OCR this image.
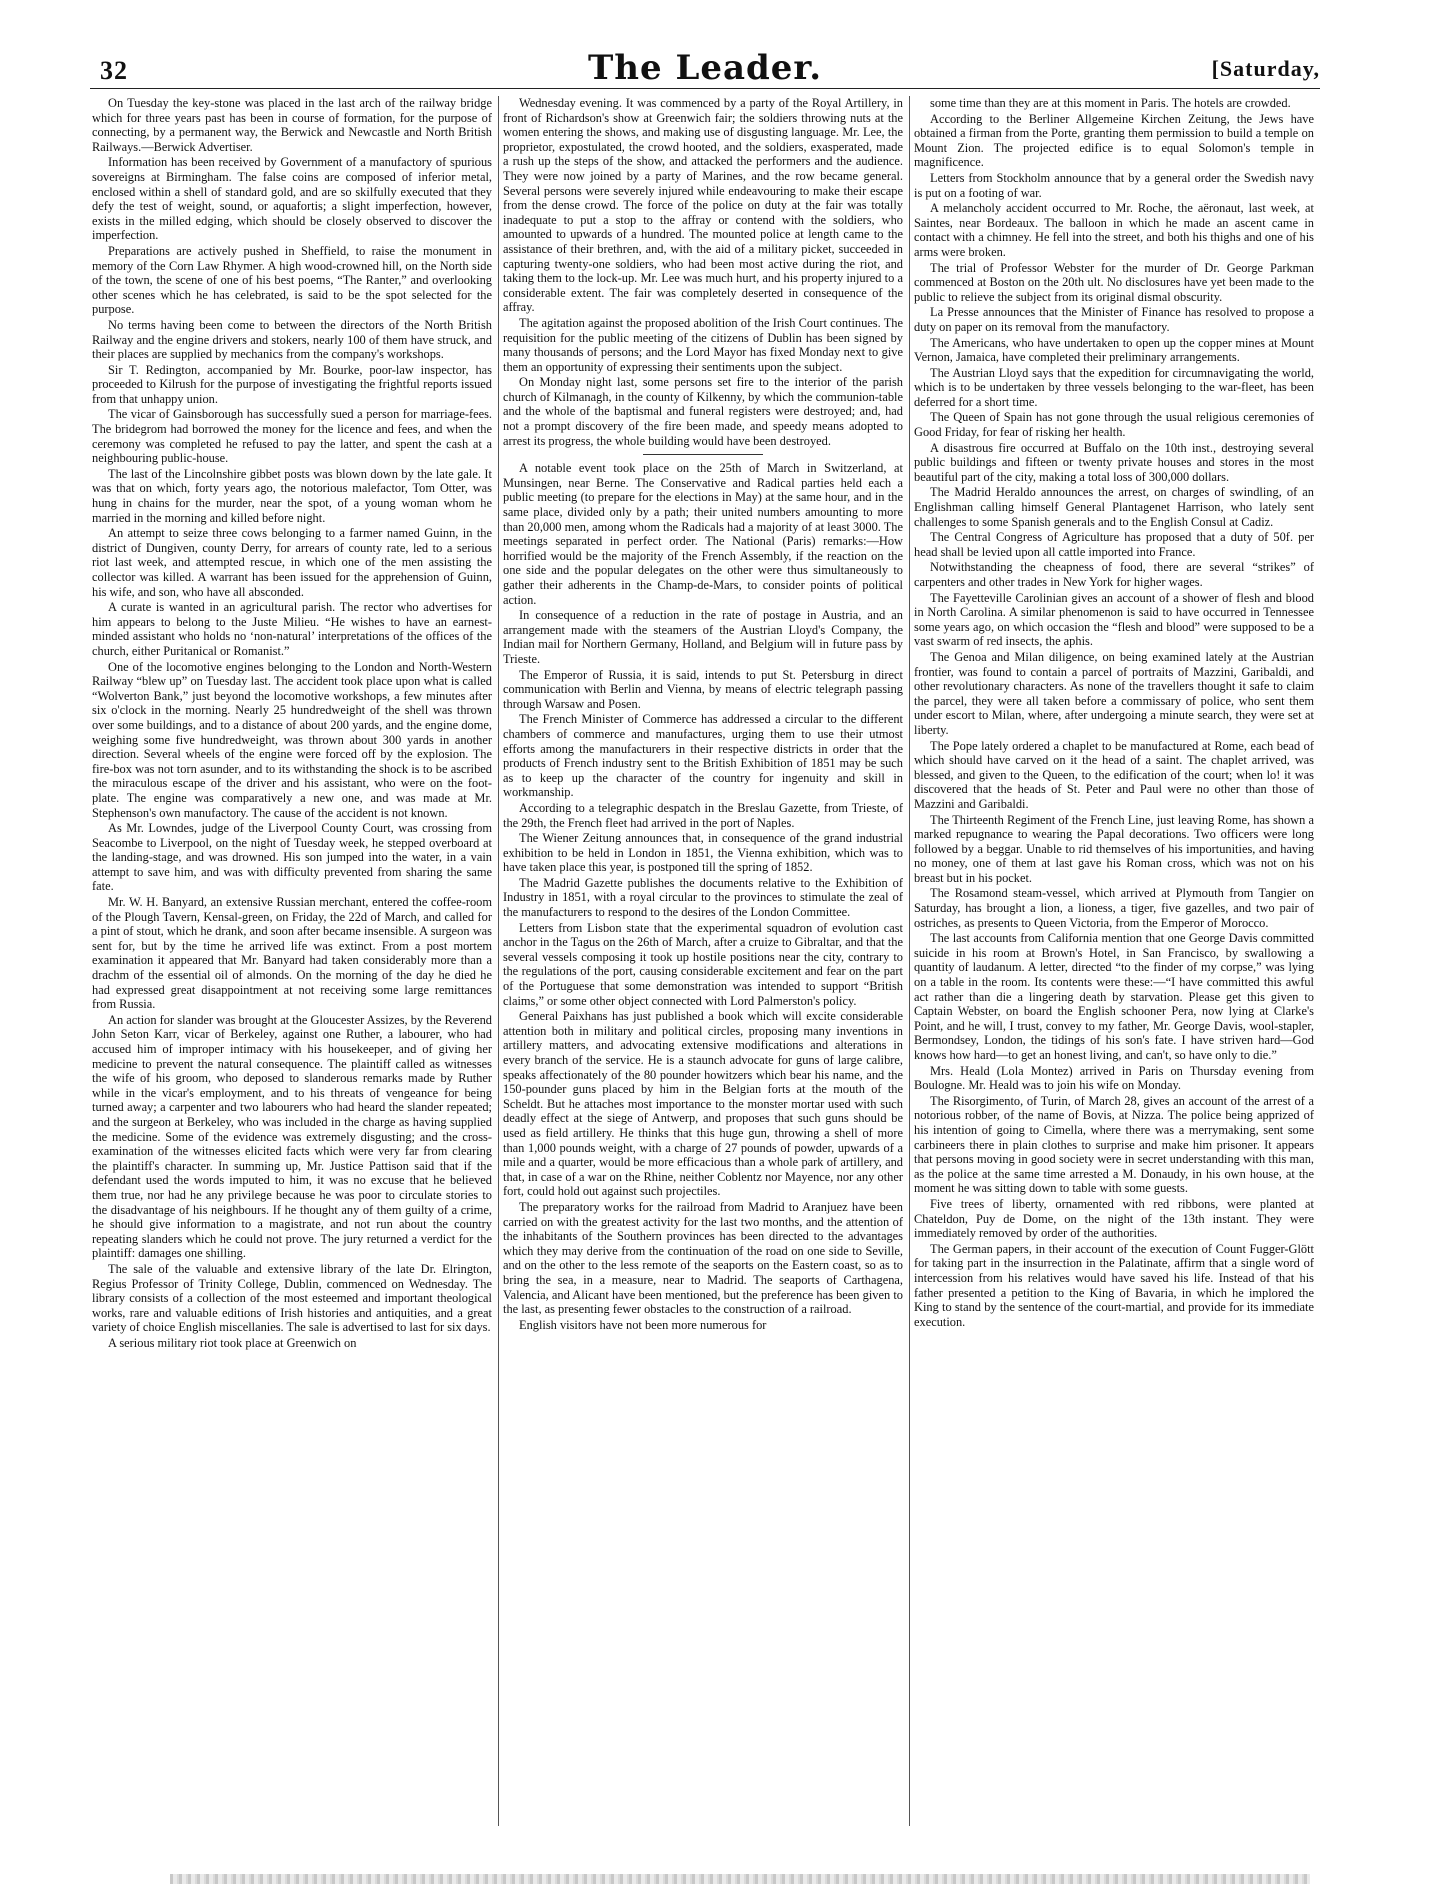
32	The Leader.	[Saturday,

On Tuesday the key-stone was placed in the last arch of the railway bridge which for three years past has been in course of formation, for the purpose of connecting, by a permanent way, the Berwick and Newcastle and North British Railways.—Berwick Advertiser.

Information has been received by Government of a manufactory of spurious sovereigns at Birmingham. The false coins are composed of inferior metal, enclosed within a shell of standard gold, and are so skilfully executed that they defy the test of weight, sound, or aquafortis; a slight imperfection, however, exists in the milled edging, which should be closely observed to discover the imperfection.

Preparations are actively pushed in Sheffield, to raise the monument in memory of the Corn Law Rhymer. A high wood-crowned hill, on the North side of the town, the scene of one of his best poems, “The Ranter,” and overlooking other scenes which he has celebrated, is said to be the spot selected for the purpose.

No terms having been come to between the directors of the North British Railway and the engine drivers and stokers, nearly 100 of them have struck, and their places are supplied by mechanics from the company's workshops.

Sir T. Redington, accompanied by Mr. Bourke, poor-law inspector, has proceeded to Kilrush for the purpose of investigating the frightful reports issued from that unhappy union.

The vicar of Gainsborough has successfully sued a person for marriage-fees. The bridegrom had borrowed the money for the licence and fees, and when the ceremony was completed he refused to pay the latter, and spent the cash at a neighbouring public-house.

The last of the Lincolnshire gibbet posts was blown down by the late gale. It was that on which, forty years ago, the notorious malefactor, Tom Otter, was hung in chains for the murder, near the spot, of a young woman whom he married in the morning and killed before night.

An attempt to seize three cows belonging to a farmer named Guinn, in the district of Dungiven, county Derry, for arrears of county rate, led to a serious riot last week, and attempted rescue, in which one of the men assisting the collector was killed. A warrant has been issued for the apprehension of Guinn, his wife, and son, who have all absconded.

A curate is wanted in an agricultural parish. The rector who advertises for him appears to belong to the Juste Milieu. “He wishes to have an earnest-minded assistant who holds no ‘non-natural’ interpretations of the offices of the church, either Puritanical or Romanist.”

One of the locomotive engines belonging to the London and North-Western Railway “blew up” on Tuesday last. The accident took place upon what is called “Wolverton Bank,” just beyond the locomotive workshops, a few minutes after six o'clock in the morning. Nearly 25 hundredweight of the shell was thrown over some buildings, and to a distance of about 200 yards, and the engine dome, weighing some five hundredweight, was thrown about 300 yards in another direction. Several wheels of the engine were forced off by the explosion. The fire-box was not torn asunder, and to its withstanding the shock is to be ascribed the miraculous escape of the driver and his assistant, who were on the foot-plate. The engine was comparatively a new one, and was made at Mr. Stephenson's own manufactory. The cause of the accident is not known.

As Mr. Lowndes, judge of the Liverpool County Court, was crossing from Seacombe to Liverpool, on the night of Tuesday week, he stepped overboard at the landing-stage, and was drowned. His son jumped into the water, in a vain attempt to save him, and was with difficulty prevented from sharing the same fate.

Mr. W. H. Banyard, an extensive Russian merchant, entered the coffee-room of the Plough Tavern, Kensal-green, on Friday, the 22d of March, and called for a pint of stout, which he drank, and soon after became insensible. A surgeon was sent for, but by the time he arrived life was extinct. From a post mortem examination it appeared that Mr. Banyard had taken considerably more than a drachm of the essential oil of almonds. On the morning of the day he died he had expressed great disappointment at not receiving some large remittances from Russia.

An action for slander was brought at the Gloucester Assizes, by the Reverend John Seton Karr, vicar of Berkeley, against one Ruther, a labourer, who had accused him of improper intimacy with his housekeeper, and of giving her medicine to prevent the natural consequence. The plaintiff called as witnesses the wife of his groom, who deposed to slanderous remarks made by Ruther while in the vicar's employment, and to his threats of vengeance for being turned away; a carpenter and two labourers who had heard the slander repeated; and the surgeon at Berkeley, who was included in the charge as having supplied the medicine. Some of the evidence was extremely disgusting; and the cross-examination of the witnesses elicited facts which were very far from clearing the plaintiff's character. In summing up, Mr. Justice Pattison said that if the defendant used the words imputed to him, it was no excuse that he believed them true, nor had he any privilege because he was poor to circulate stories to the disadvantage of his neighbours. If he thought any of them guilty of a crime, he should give information to a magistrate, and not run about the country repeating slanders which he could not prove. The jury returned a verdict for the plaintiff: damages one shilling.

The sale of the valuable and extensive library of the late Dr. Elrington, Regius Professor of Trinity College, Dublin, commenced on Wednesday. The library consists of a collection of the most esteemed and important theological works, rare and valuable editions of Irish histories and antiquities, and a great variety of choice English miscellanies. The sale is advertised to last for six days.

A serious military riot took place at Greenwich on

Wednesday evening. It was commenced by a party of the Royal Artillery, in front of Richardson's show at Greenwich fair; the soldiers throwing nuts at the women entering the shows, and making use of disgusting language. Mr. Lee, the proprietor, expostulated, the crowd hooted, and the soldiers, exasperated, made a rush up the steps of the show, and attacked the performers and the audience. They were now joined by a party of Marines, and the row became general. Several persons were severely injured while endeavouring to make their escape from the dense crowd. The force of the police on duty at the fair was totally inadequate to put a stop to the affray or contend with the soldiers, who amounted to upwards of a hundred. The mounted police at length came to the assistance of their brethren, and, with the aid of a military picket, succeeded in capturing twenty-one soldiers, who had been most active during the riot, and taking them to the lock-up. Mr. Lee was much hurt, and his property injured to a considerable extent. The fair was completely deserted in consequence of the affray.

The agitation against the proposed abolition of the Irish Court continues. The requisition for the public meeting of the citizens of Dublin has been signed by many thousands of persons; and the Lord Mayor has fixed Monday next to give them an opportunity of expressing their sentiments upon the subject.

On Monday night last, some persons set fire to the interior of the parish church of Kilmanagh, in the county of Kilkenny, by which the communion-table and the whole of the baptismal and funeral registers were destroyed; and, had not a prompt discovery of the fire been made, and speedy means adopted to arrest its progress, the whole building would have been destroyed.

A notable event took place on the 25th of March in Switzerland, at Munsingen, near Berne. The Conservative and Radical parties held each a public meeting (to prepare for the elections in May) at the same hour, and in the same place, divided only by a path; their united numbers amounting to more than 20,000 men, among whom the Radicals had a majority of at least 3000. The meetings separated in perfect order. The National (Paris) remarks:—How horrified would be the majority of the French Assembly, if the reaction on the one side and the popular delegates on the other were thus simultaneously to gather their adherents in the Champ-de-Mars, to consider points of political action.

In consequence of a reduction in the rate of postage in Austria, and an arrangement made with the steamers of the Austrian Lloyd's Company, the Indian mail for Northern Germany, Holland, and Belgium will in future pass by Trieste.

The Emperor of Russia, it is said, intends to put St. Petersburg in direct communication with Berlin and Vienna, by means of electric telegraph passing through Warsaw and Posen.

The French Minister of Commerce has addressed a circular to the different chambers of commerce and manufactures, urging them to use their utmost efforts among the manufacturers in their respective districts in order that the products of French industry sent to the British Exhibition of 1851 may be such as to keep up the character of the country for ingenuity and skill in workmanship.

According to a telegraphic despatch in the Breslau Gazette, from Trieste, of the 29th, the French fleet had arrived in the port of Naples.

The Wiener Zeitung announces that, in consequence of the grand industrial exhibition to be held in London in 1851, the Vienna exhibition, which was to have taken place this year, is postponed till the spring of 1852.

The Madrid Gazette publishes the documents relative to the Exhibition of Industry in 1851, with a royal circular to the provinces to stimulate the zeal of the manufacturers to respond to the desires of the London Committee.

Letters from Lisbon state that the experimental squadron of evolution cast anchor in the Tagus on the 26th of March, after a cruize to Gibraltar, and that the several vessels composing it took up hostile positions near the city, contrary to the regulations of the port, causing considerable excitement and fear on the part of the Portuguese that some demonstration was intended to support “British claims,” or some other object connected with Lord Palmerston's policy.

General Paixhans has just published a book which will excite considerable attention both in military and political circles, proposing many inventions in artillery matters, and advocating extensive modifications and alterations in every branch of the service. He is a staunch advocate for guns of large calibre, speaks affectionately of the 80 pounder howitzers which bear his name, and the 150-pounder guns placed by him in the Belgian forts at the mouth of the Scheldt. But he attaches most importance to the monster mortar used with such deadly effect at the siege of Antwerp, and proposes that such guns should be used as field artillery. He thinks that this huge gun, throwing a shell of more than 1,000 pounds weight, with a charge of 27 pounds of powder, upwards of a mile and a quarter, would be more efficacious than a whole park of artillery, and that, in case of a war on the Rhine, neither Coblentz nor Mayence, nor any other fort, could hold out against such projectiles.

The preparatory works for the railroad from Madrid to Aranjuez have been carried on with the greatest activity for the last two months, and the attention of the inhabitants of the Southern provinces has been directed to the advantages which they may derive from the continuation of the road on one side to Seville, and on the other to the less remote of the seaports on the Eastern coast, so as to bring the sea, in a measure, near to Madrid. The seaports of Carthagena, Valencia, and Alicant have been mentioned, but the preference has been given to the last, as presenting fewer obstacles to the construction of a railroad.

English visitors have not been more numerous for

some time than they are at this moment in Paris. The hotels are crowded.

According to the Berliner Allgemeine Kirchen Zeitung, the Jews have obtained a firman from the Porte, granting them permission to build a temple on Mount Zion. The projected edifice is to equal Solomon's temple in magnificence.

Letters from Stockholm announce that by a general order the Swedish navy is put on a footing of war.

A melancholy accident occurred to Mr. Roche, the aëronaut, last week, at Saintes, near Bordeaux. The balloon in which he made an ascent came in contact with a chimney. He fell into the street, and both his thighs and one of his arms were broken.

The trial of Professor Webster for the murder of Dr. George Parkman commenced at Boston on the 20th ult. No disclosures have yet been made to the public to relieve the subject from its original dismal obscurity.

La Presse announces that the Minister of Finance has resolved to propose a duty on paper on its removal from the manufactory.

The Americans, who have undertaken to open up the copper mines at Mount Vernon, Jamaica, have completed their preliminary arrangements.

The Austrian Lloyd says that the expedition for circumnavigating the world, which is to be undertaken by three vessels belonging to the war-fleet, has been deferred for a short time.

The Queen of Spain has not gone through the usual religious ceremonies of Good Friday, for fear of risking her health.

A disastrous fire occurred at Buffalo on the 10th inst., destroying several public buildings and fifteen or twenty private houses and stores in the most beautiful part of the city, making a total loss of 300,000 dollars.

The Madrid Heraldo announces the arrest, on charges of swindling, of an Englishman calling himself General Plantagenet Harrison, who lately sent challenges to some Spanish generals and to the English Consul at Cadiz.

The Central Congress of Agriculture has proposed that a duty of 50f. per head shall be levied upon all cattle imported into France.

Notwithstanding the cheapness of food, there are several “strikes” of carpenters and other trades in New York for higher wages.

The Fayetteville Carolinian gives an account of a shower of flesh and blood in North Carolina. A similar phenomenon is said to have occurred in Tennessee some years ago, on which occasion the “flesh and blood” were supposed to be a vast swarm of red insects, the aphis.

The Genoa and Milan diligence, on being examined lately at the Austrian frontier, was found to contain a parcel of portraits of Mazzini, Garibaldi, and other revolutionary characters. As none of the travellers thought it safe to claim the parcel, they were all taken before a commissary of police, who sent them under escort to Milan, where, after undergoing a minute search, they were set at liberty.

The Pope lately ordered a chaplet to be manufactured at Rome, each bead of which should have carved on it the head of a saint. The chaplet arrived, was blessed, and given to the Queen, to the edification of the court; when lo! it was discovered that the heads of St. Peter and Paul were no other than those of Mazzini and Garibaldi.

The Thirteenth Regiment of the French Line, just leaving Rome, has shown a marked repugnance to wearing the Papal decorations. Two officers were long followed by a beggar. Unable to rid themselves of his importunities, and having no money, one of them at last gave his Roman cross, which was not on his breast but in his pocket.

The Rosamond steam-vessel, which arrived at Plymouth from Tangier on Saturday, has brought a lion, a lioness, a tiger, five gazelles, and two pair of ostriches, as presents to Queen Victoria, from the Emperor of Morocco.

The last accounts from California mention that one George Davis committed suicide in his room at Brown's Hotel, in San Francisco, by swallowing a quantity of laudanum. A letter, directed “to the finder of my corpse,” was lying on a table in the room. Its contents were these:—“I have committed this awful act rather than die a lingering death by starvation. Please get this given to Captain Webster, on board the English schooner Pera, now lying at Clarke's Point, and he will, I trust, convey to my father, Mr. George Davis, wool-stapler, Bermondsey, London, the tidings of his son's fate. I have striven hard—God knows how hard—to get an honest living, and can't, so have only to die.”

Mrs. Heald (Lola Montez) arrived in Paris on Thursday evening from Boulogne. Mr. Heald was to join his wife on Monday.

The Risorgimento, of Turin, of March 28, gives an account of the arrest of a notorious robber, of the name of Bovis, at Nizza. The police being apprized of his intention of going to Cimella, where there was a merrymaking, sent some carbineers there in plain clothes to surprise and make him prisoner. It appears that persons moving in good society were in secret understanding with this man, as the police at the same time arrested a M. Donaudy, in his own house, at the moment he was sitting down to table with some guests.

Five trees of liberty, ornamented with red ribbons, were planted at Chateldon, Puy de Dome, on the night of the 13th instant. They were immediately removed by order of the authorities.

The German papers, in their account of the execution of Count Fugger-Glött for taking part in the insurrection in the Palatinate, affirm that a single word of intercession from his relatives would have saved his life. Instead of that his father presented a petition to the King of Bavaria, in which he implored the King to stand by the sentence of the court-martial, and provide for its immediate execution.
